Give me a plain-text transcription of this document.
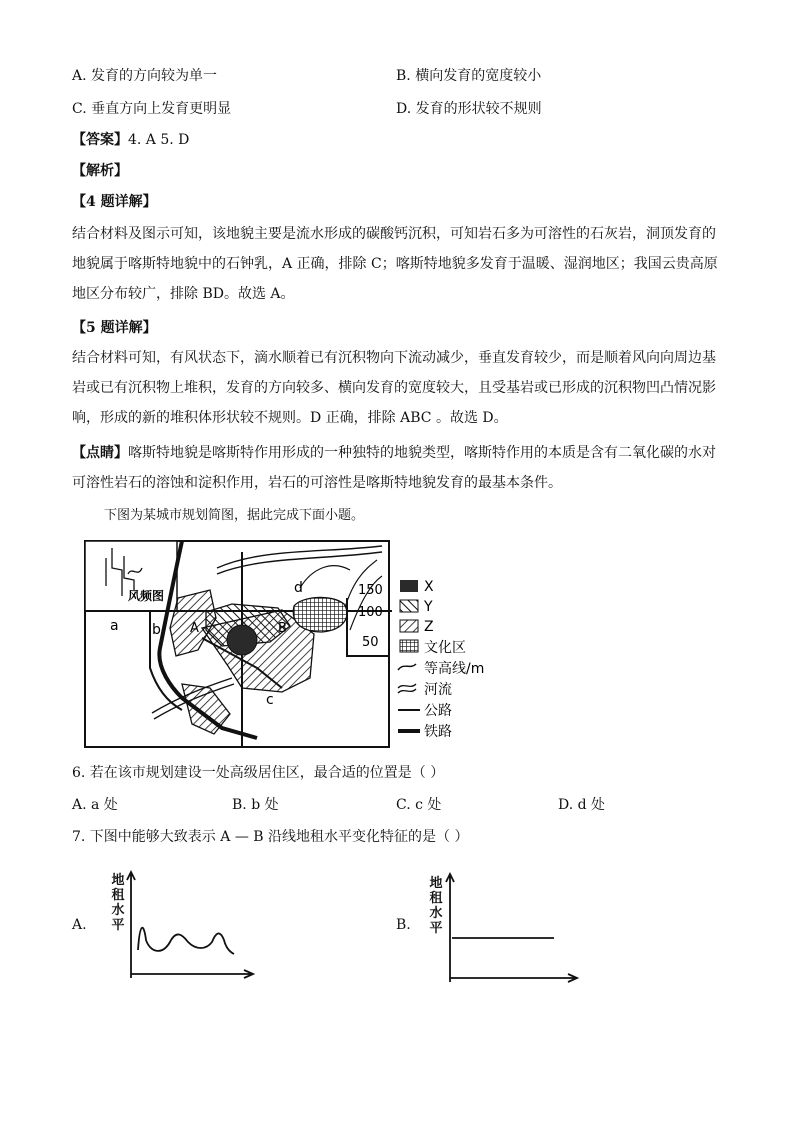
A. 发育的方向较为单一	B. 横向发育的宽度较小
C. 垂直方向上发育更明显	D. 发育的形状较不规则
【答案】4. A 5. D
【解析】
【4 题详解】
结合材料及图示可知，该地貌主要是流水形成的碳酸钙沉积，可知岩石多为可溶性的石灰岩，洞顶发育的
地貌属于喀斯特地貌中的石钟乳，A 正确，排除 C；喀斯特地貌多发育于温暖、湿润地区；我国云贵高原
地区分布较广，排除 BD。故选 A。
【5 题详解】
结合材料可知，有风状态下，滴水顺着已有沉积物向下流动减少，垂直发育较少，而是顺着风向向周边基
岩或已有沉积物上堆积，发育的方向较多、横向发育的宽度较大，且受基岩或已形成的沉积物凹凸情况影
响，形成的新的堆积体形状较不规则。D 正确，排除 ABC 。故选 D。
【点睛】喀斯特地貌是喀斯特作用形成的一种独特的地貌类型，喀斯特作用的本质是含有二氧化碳的水对
可溶性岩石的溶蚀和淀积作用，岩石的可溶性是喀斯特地貌发育的最基本条件。
下图为某城市规划简图，据此完成下面小题。
风频图
a b
c
d
A	B
150
100
50
X
Y
Z
文化区
等高线/m
河流
公路
铁路
6. 若在该市规划建设一处高级居住区，最合适的位置是（ ）
A. a 处	B. b 处	C. c 处	D. d 处
7. 下图中能够大致表示 A — B 沿线地租水平变化特征的是（ ）
A.
地
租
水
平	B.
地
租
水
平
